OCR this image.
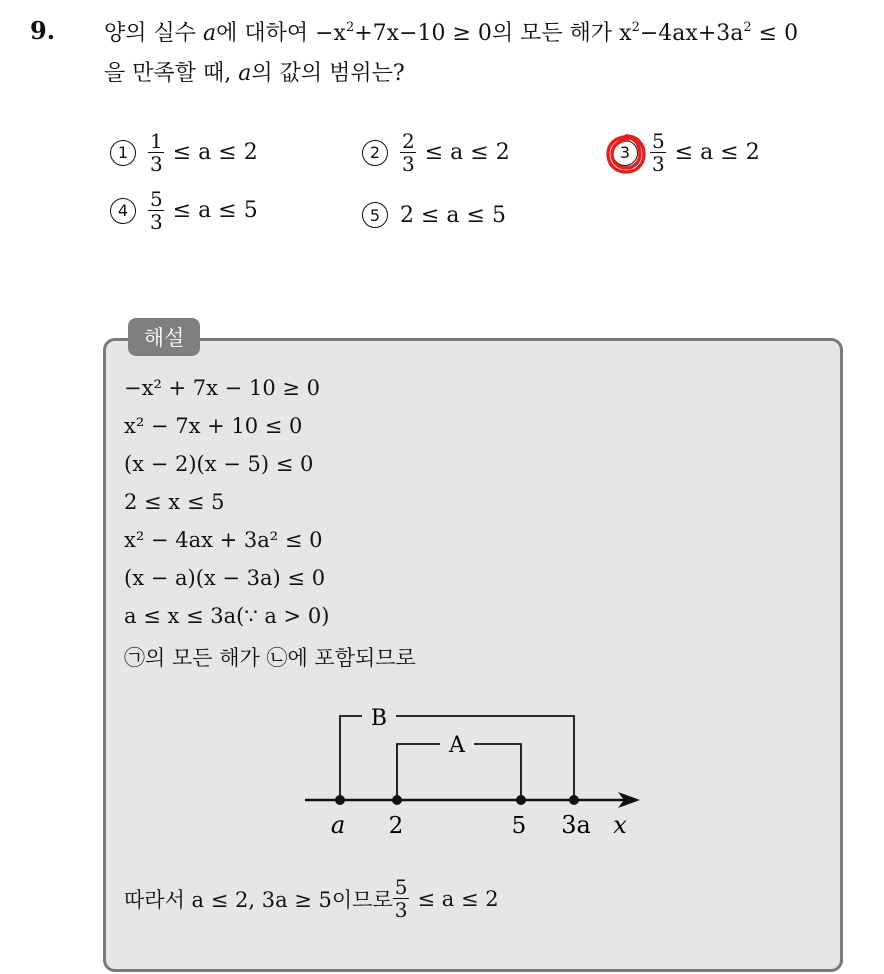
9. 양의 실수 a에 대하여 $-x^2+7x-10 \ge 0$의 모든 해가 $x^2-4ax+3a^2 \le 0$
을 만족할 때, a의 값의 범위는?
$1 \frac{1}{3} \le a \le 2$	$2 \frac{2}{3} \le a \le 2$	$3 \frac{5}{3} \le a \le 2$
$4 \frac{5}{3} \le a \le 5$	5 2 ≤ a ≤ 5
해설
−x² + 7x − 10 ≥ 0
x² − 7x + 10 ≤ 0
(x − 2)(x − 5) ≤ 0
2 ≤ x ≤ 5
x² − 4ax + 3a² ≤ 0
(x − a)(x − 3a) ≤ 0
a ≤ x ≤ 3a(∵ a > 0)
㉠의 모든 해가 ㉡에 포함되므로
B
A
a 2	5 3a x
따라서 a ≤ 2, 3a ≥ 5이므로 $\frac{5}{3} \le a \le 2$
